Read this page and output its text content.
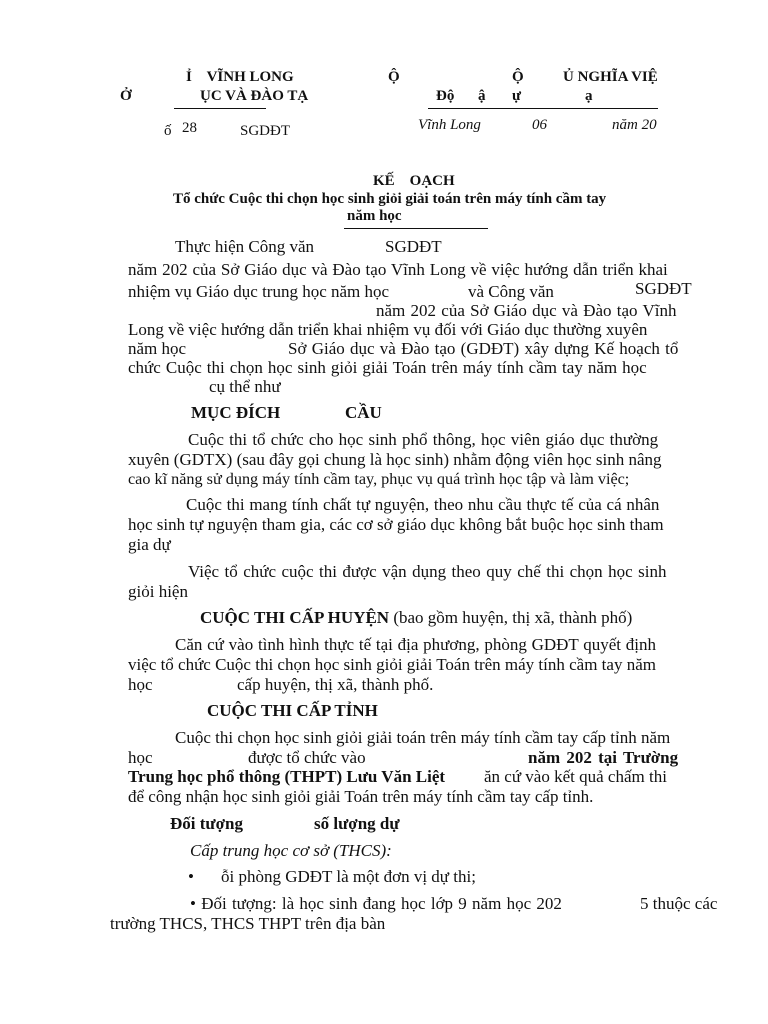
Ỉ    VĨNH LONG
Ở	ỤC VÀ ĐÀO TẠ
Ộ	Ộ	Ủ NGHĨA VIỆ
Độ ậ ự	ạ
ố 28	SGDĐT	Vĩnh Long	06	năm 20
KẾ    OẠCH
Tổ chức Cuộc thi chọn học sinh giỏi giải toán trên máy tính cầm tay
năm học
Thực hiện Công văn	SGDĐT
năm 202 của Sở Giáo dục và Đào tạo Vĩnh Long về việc hướng dẫn triển khai
nhiệm vụ Giáo dục trung học năm học	và Công văn	SGDĐT
năm 202 của Sở Giáo dục và Đào tạo Vĩnh
Long về việc hướng dẫn triển khai nhiệm vụ đối với Giáo dục thường xuyên
năm học	Sở Giáo dục và Đào tạo (GDĐT) xây dựng Kế hoạch tổ
chức Cuộc thi chọn học sinh giỏi giải Toán trên máy tính cầm tay năm học
cụ thể như
MỤC ĐÍCH	CẦU
Cuộc thi tổ chức cho học sinh phổ thông, học viên giáo dục thường
xuyên (GDTX) (sau đây gọi chung là học sinh) nhằm động viên học sinh nâng
cao kĩ năng sử dụng máy tính cầm tay, phục vụ quá trình học tập và làm việc;
Cuộc thi mang tính chất tự nguyện, theo nhu cầu thực tế của cá nhân
học sinh tự nguyện tham gia, các cơ sở giáo dục không bắt buộc học sinh tham
gia dự
Việc tổ chức cuộc thi được vận dụng theo quy chế thi chọn học sinh
giỏi hiện
CUỘC THI CẤP HUYỆN (bao gồm huyện, thị xã, thành phố)
Căn cứ vào tình hình thực tế tại địa phương, phòng GDĐT quyết định
việc tổ chức Cuộc thi chọn học sinh giỏi giải Toán trên máy tính cầm tay năm
học	cấp huyện, thị xã, thành phố.
CUỘC THI CẤP TỈNH
Cuộc thi chọn học sinh giỏi giải toán trên máy tính cầm tay cấp tỉnh năm
học	được tổ chức vào	năm 202 tại Trường
Trung học phổ thông (THPT) Lưu Văn Liệt ăn cứ vào kết quả chấm thi
để công nhận học sinh giỏi giải Toán trên máy tính cầm tay cấp tỉnh.
Đối tượng	số lượng dự
Cấp trung học cơ sở (THCS):
• ỗi phòng GDĐT là một đơn vị dự thi;
• Đối tượng: là học sinh đang học lớp 9 năm học 202	5 thuộc các
trường THCS, THCS THPT trên địa bàn
